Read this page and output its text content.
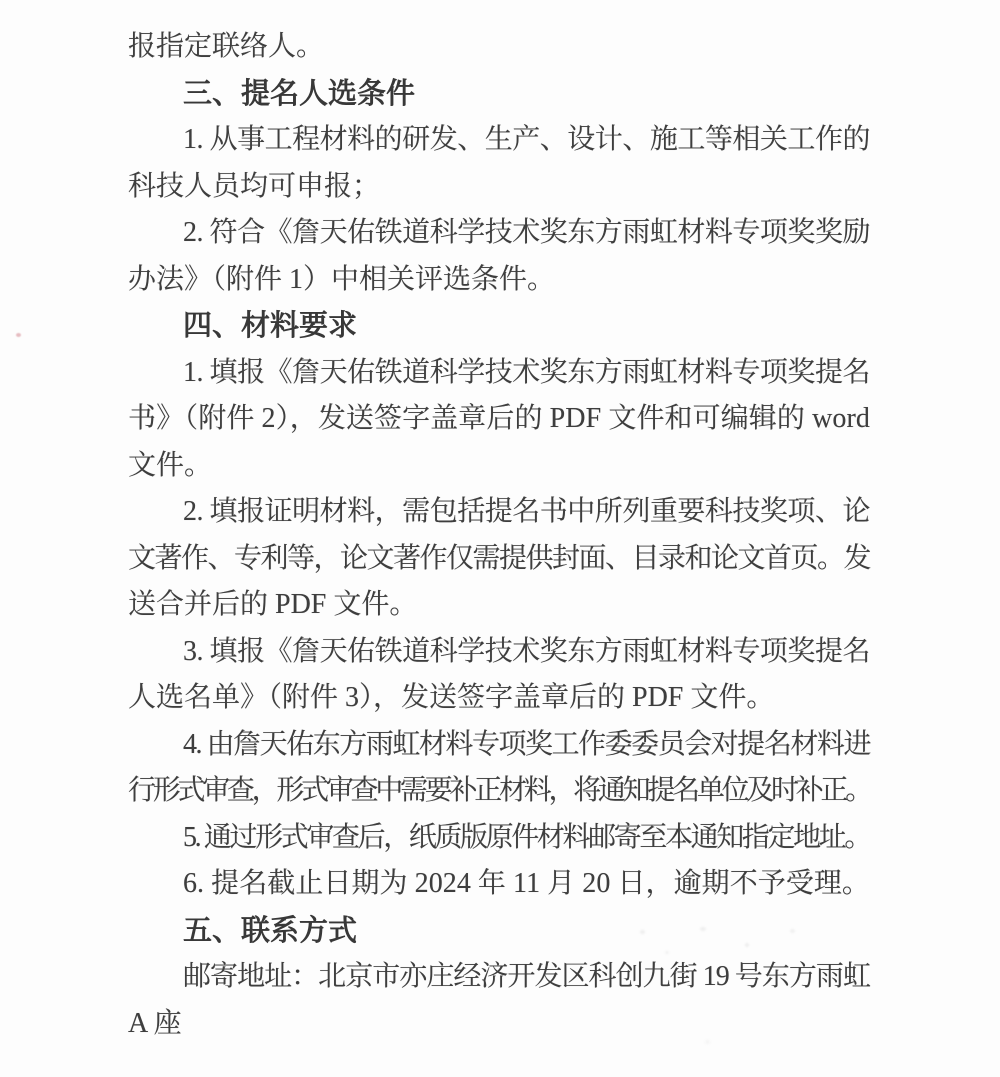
报指定联络人。
三、提名人选条件
1. 从事工程材料的研发、生产、设计、施工等相关工作的
科技人员均可申报；
2. 符合《詹天佑铁道科学技术奖东方雨虹材料专项奖奖励
办法》（附件 1）中相关评选条件。
四、材料要求
1. 填报《詹天佑铁道科学技术奖东方雨虹材料专项奖提名
书》（附件 2），发送签字盖章后的 PDF 文件和可编辑的 word
文件。
2. 填报证明材料，需包括提名书中所列重要科技奖项、论
文著作、专利等，论文著作仅需提供封面、目录和论文首页。发
送合并后的 PDF 文件。
3. 填报《詹天佑铁道科学技术奖东方雨虹材料专项奖提名
人选名单》（附件 3），发送签字盖章后的 PDF 文件。
4. 由詹天佑东方雨虹材料专项奖工作委委员会对提名材料进
行形式审查，形式审查中需要补正材料，将通知提名单位及时补正。
5. 通过形式审查后，纸质版原件材料邮寄至本通知指定地址。
6. 提名截止日期为 2024 年 11 月 20 日，逾期不予受理。
五、联系方式
邮寄地址：北京市亦庄经济开发区科创九街 19 号东方雨虹
A 座
